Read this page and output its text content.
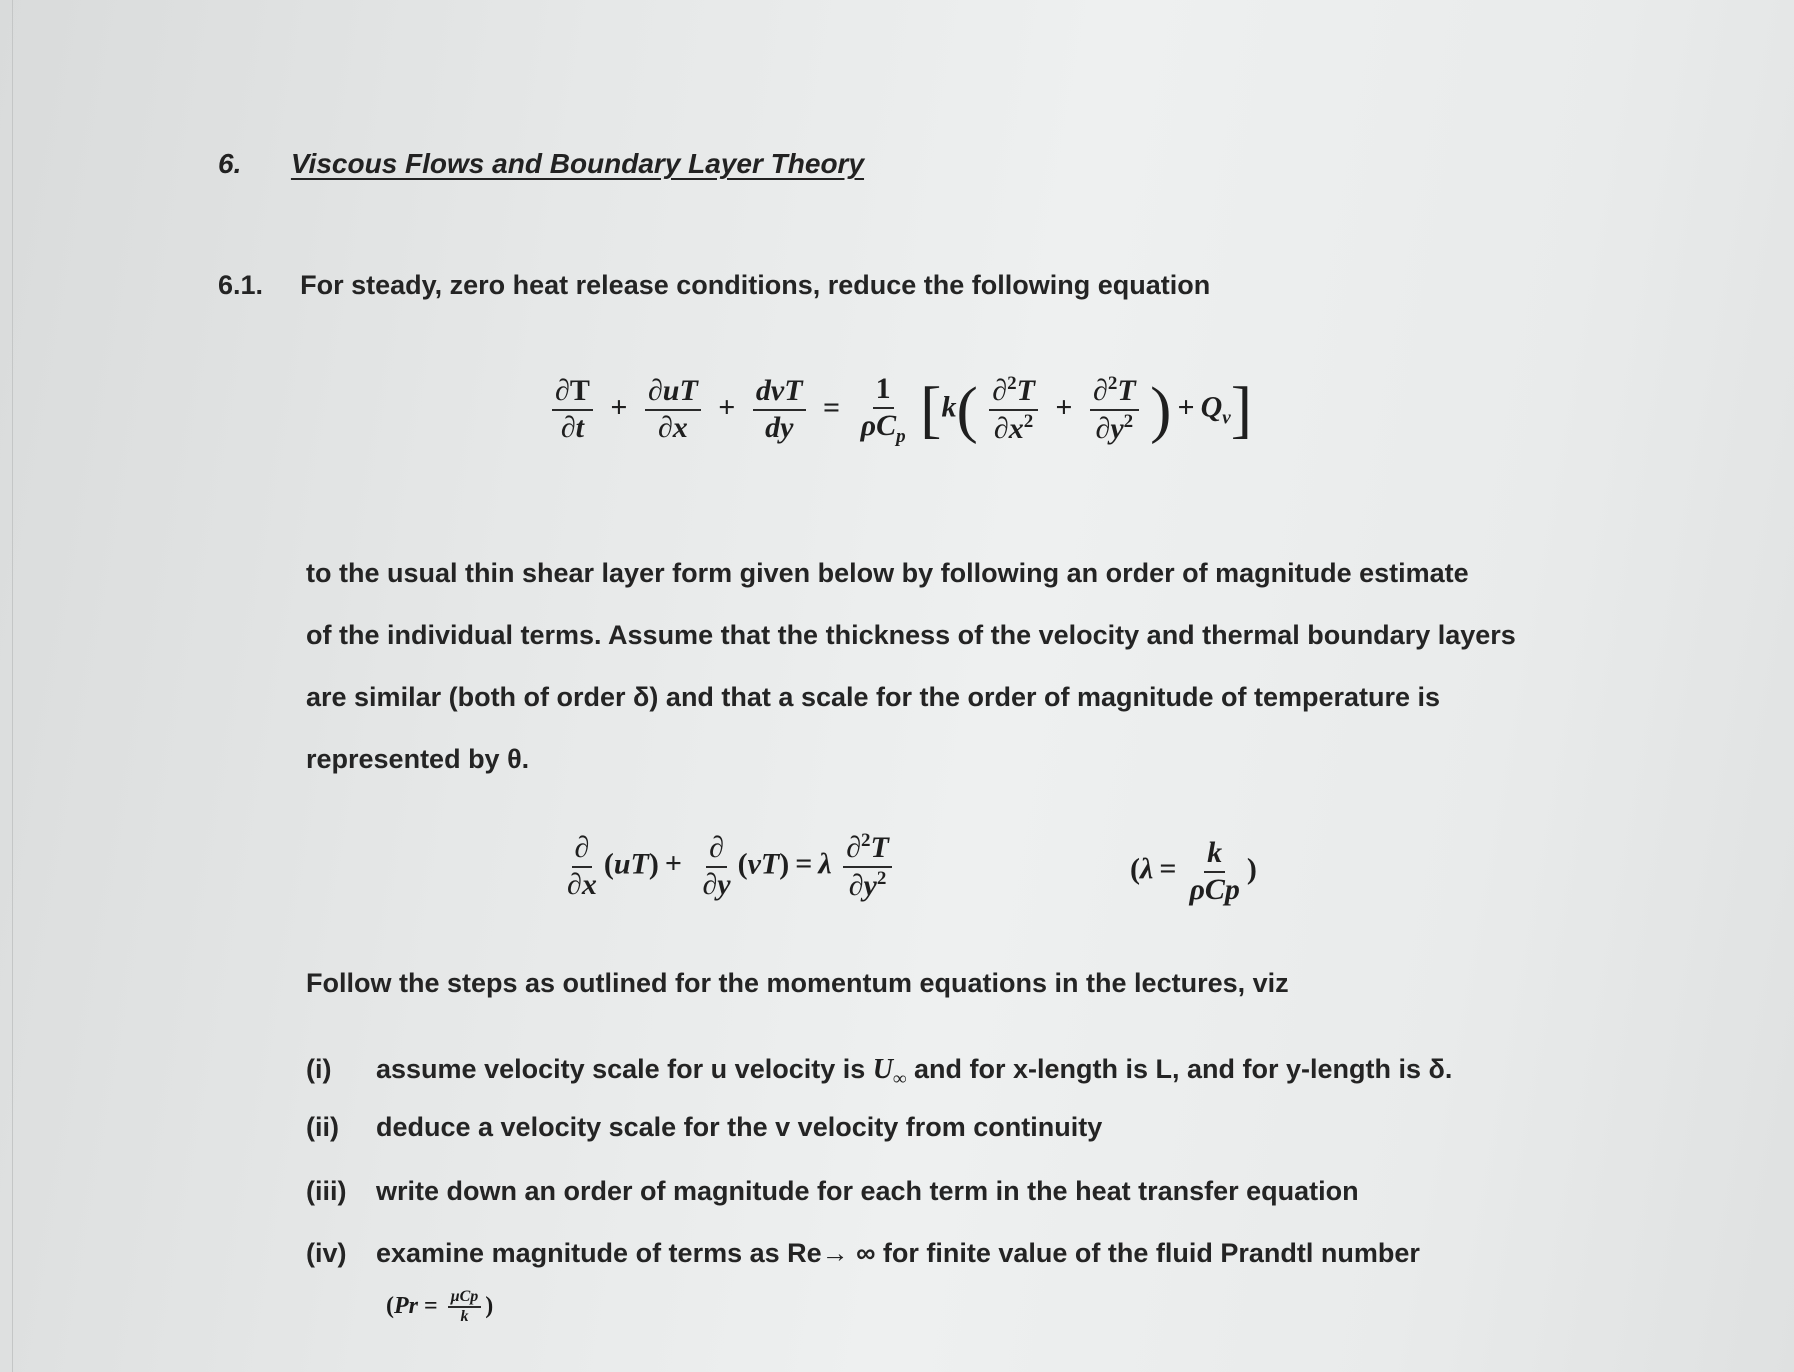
6. Viscous Flows and Boundary Layer Theory
6.1. For steady, zero heat release conditions, reduce the following equation
$\frac{\partial T}{\partial t} + \frac{\partial uT}{\partial x} + \frac{\text{dvT}}{dy} = \frac{1}{\rho C_p} [k( \frac{\partial^2T}{\partial x^2} + \frac{\partial^2T}{\partial y^2}$ ) + $Q_v$]
to the usual thin shear layer form given below by following an order of magnitude estimate
of the individual terms. Assume that the thickness of the velocity and thermal boundary layers
are similar (both of order δ) and that a scale for the order of magnitude of temperature is
represented by θ.
$\frac{\partial}{\partial x} (uT) + \frac{\partial}{\partial y} (vT) = \lambda \frac{\partial^2T}{\partial y^2}$	($\lambda = \frac{k}{\text{ρCp}}$ )
Follow the steps as outlined for the momentum equations in the lectures, viz
(i) assume velocity scale for u velocity is $U_\infty$ and for x-length is L, and for y-length is δ.
(ii) deduce a velocity scale for the v velocity from continuity
(iii) write down an order of magnitude for each term in the heat transfer equation
(iv) examine magnitude of terms as Re→ ∞ for finite value of the fluid Prandtl number
($Pr = \frac{\text{μCp}}{k}$ )
